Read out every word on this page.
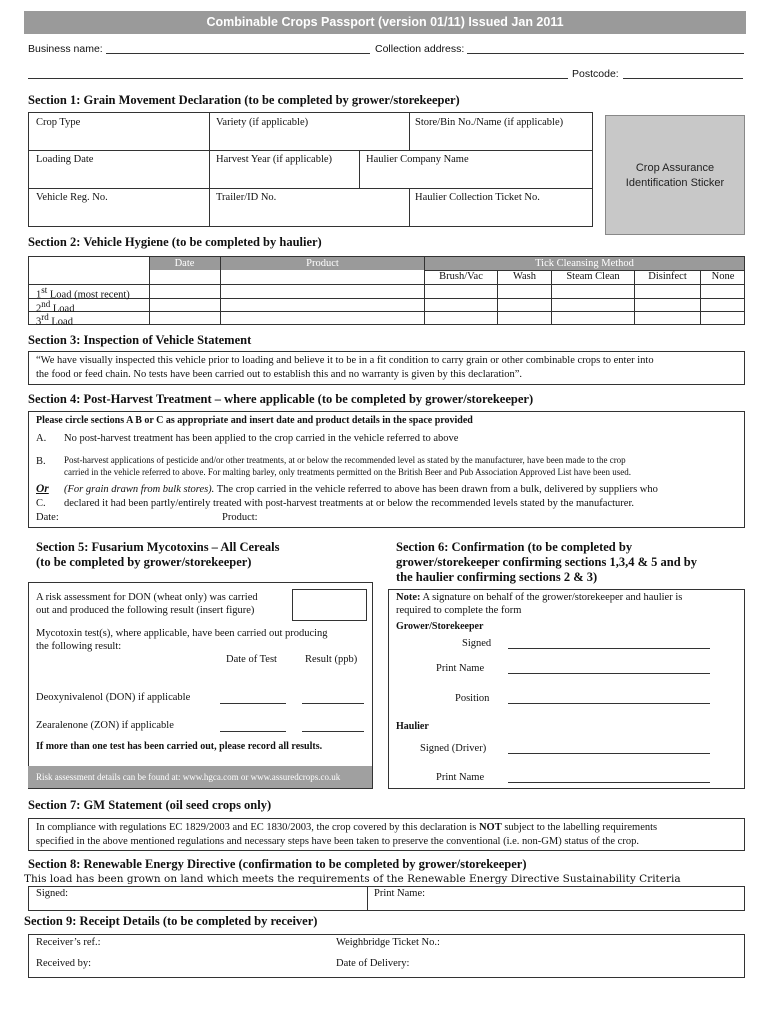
Combinable Crops Passport (version 01/11) Issued Jan 2011
Business name:	Collection address:
Postcode:
Section 1: Grain Movement Declaration (to be completed by grower/storekeeper)
Crop Type	Variety (if applicable)	Store/Bin No./Name (if applicable)
Loading Date	Harvest Year (if applicable)	Haulier Company Name
Vehicle Reg. No.	Trailer/ID No.	Haulier Collection Ticket No.
Crop Assurance
Identification Sticker
Section 2: Vehicle Hygiene (to be completed by haulier)
Date	Product	Tick Cleansing Method
Brush/Vac	Wash	Steam Clean	Disinfect	None
1st Load (most recent)
2nd Load
3rd Load
Section 3: Inspection of Vehicle Statement
“We have visually inspected this vehicle prior to loading and believe it to be in a fit condition to carry grain or other combinable crops to enter into
the food or feed chain. No tests have been carried out to establish this and no warranty is given by this declaration”.
Section 4: Post-Harvest Treatment – where applicable (to be completed by grower/storekeeper)
Please circle sections A B or C as appropriate and insert date and product details in the space provided
A. No post-harvest treatment has been applied to the crop carried in the vehicle referred to above
B. Post-harvest applications of pesticide and/or other treatments, at or below the recommended level as stated by the manufacturer, have been made to the crop
carried in the vehicle referred to above. For malting barley, only treatments permitted on the British Beer and Pub Association Approved List have been used.
Or (For grain drawn from bulk stores). The crop carried in the vehicle referred to above has been drawn from a bulk, delivered by suppliers who
C. declared it had been partly/entirely treated with post-harvest treatments at or below the recommended levels stated by the manufacturer.
Date:	Product:
Section 5: Fusarium Mycotoxins – All Cereals
(to be completed by grower/storekeeper)
A risk assessment for DON (wheat only) was carried
out and produced the following result (insert figure)
Mycotoxin test(s), where applicable, have been carried out producing
the following result:
Date of Test	Result (ppb)
Deoxynivalenol (DON) if applicable
Zearalenone (ZON) if applicable
If more than one test has been carried out, please record all results.
Risk assessment details can be found at: www.hgca.com or www.assuredcrops.co.uk
Section 6: Confirmation (to be completed by
grower/storekeeper confirming sections 1,3,4 & 5 and by
the haulier confirming sections 2 & 3)
Note: A signature on behalf of the grower/storekeeper and haulier is
required to complete the form
Grower/Storekeeper
Signed
Print Name
Position
Haulier
Signed (Driver)
Print Name
Section 7: GM Statement (oil seed crops only)
In compliance with regulations EC 1829/2003 and EC 1830/2003, the crop covered by this declaration is NOT subject to the labelling requirements
specified in the above mentioned regulations and necessary steps have been taken to preserve the conventional (i.e. non-GM) status of the crop.
Section 8: Renewable Energy Directive (confirmation to be completed by grower/storekeeper)
This load has been grown on land which meets the requirements of the Renewable Energy Directive Sustainability Criteria
Signed:	Print Name:
Section 9: Receipt Details (to be completed by receiver)
Receiver’s ref.:	Weighbridge Ticket No.:
Received by:	Date of Delivery:
